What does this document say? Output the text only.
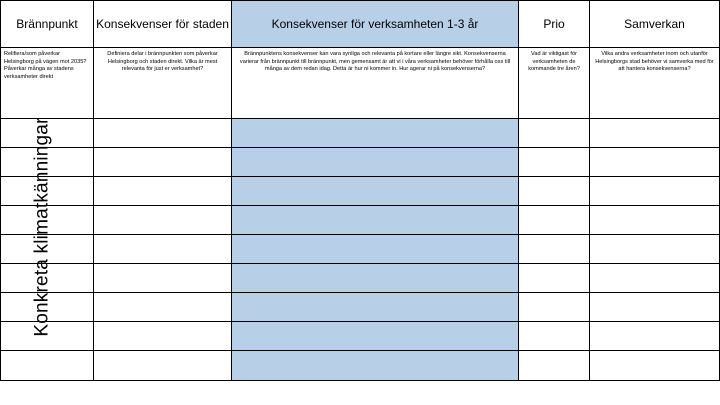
Brännpunkt	Konsekvenser för staden	Konsekvenser för verksamheten 1-3 år	Prio	Samverkan
Relifiera/som påverkar Helsingborg på vägen mot 2035? Påverkar många av stadens verksamheter direkt	Definiera delar i brännpunkten som påverkar Helsingborg och staden direkt. Vilka är mest relevanta för just er verksamhet?	Brännpunktens konsekvenser kan vara synliga och relevanta på kortare eller längre sikt. Konsekvenserna varierar från brännpunkt till brännpunkt, men gemensamt är att vi i våra verksamheter behöver förhålla oss till många av dem redan idag. Detta är hur ni kommer in. Hur agerar ni på konsekvenserna?	Vad är viktigast för verksamheten de kommande tre åren?	Vilka andra verksamheter inom och utanför Helsingborgs stad behöver vi samverka med för att hantera konsekvenserna?

Konkreta klimatkänningar
